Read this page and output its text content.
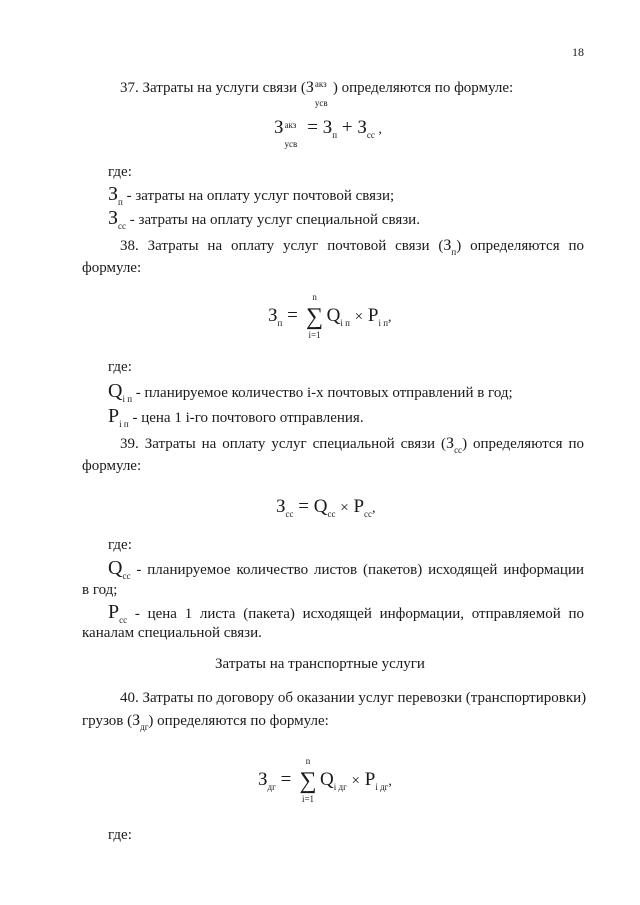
18
37. Затраты на услуги связи (З акз
усв
) определяются по формуле:
З акз
усв
= $З_п + З_{сс}$ ,
где:
$З_п$ - затраты на оплату услуг почтовой связи;
$З_{сс}$ - затраты на оплату услуг специальной связи.
38. Затраты на оплату услуг почтовой связи $(З_п)$ определяются по
формуле:
$З_п$ = ∑
n
i=1
$Q_{i п} \times P_{i п}$,
где:
$Q_{i п}$ - планируемое количество i-х почтовых отправлений в год;
$P_{i п}$ - цена 1 i-го почтового отправления.
39. Затраты на оплату услуг специальной связи $(З_{сс})$ определяются по
формуле:
$З_{сс} = Q_{сс} \times P_{сс}$,
где:
$Q_{сс}$ - планируемое количество листов (пакетов) исходящей информации
в год;
$P_{сс}$ - цена 1 листа (пакета) исходящей информации, отправляемой по
каналам специальной связи.
Затраты на транспортные услуги
40. Затраты по договору об оказании услуг перевозки (транспортировки)
грузов $(З_{дг})$ определяются по формуле:
$З_{дг}$ = ∑
n
i=1
$Q_{i дг} \times P_{i дг}$,
где:
